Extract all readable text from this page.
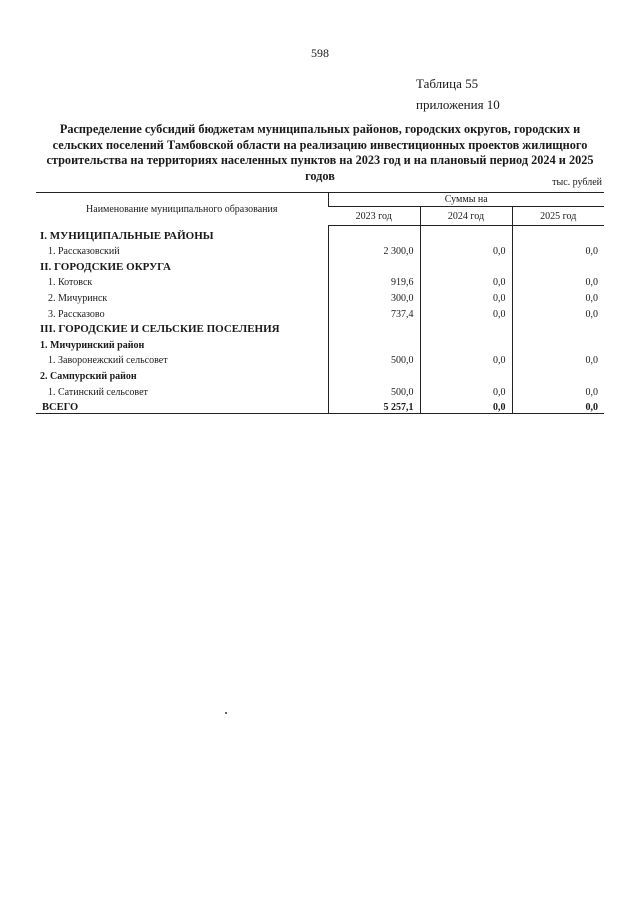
598
Таблица 55
приложения 10
Распределение субсидий бюджетам муниципальных районов, городских округов, городских и сельских поселений Тамбовской области на реализацию инвестиционных проектов жилищного строительства на территориях населенных пунктов на 2023 год и на плановый период 2024 и 2025 годов	тыс. рублей
Наименование муниципального образования	Суммы на		
	2023 год	2024 год	2025 год
I. МУНИЦИПАЛЬНЫЕ РАЙОНЫ			
1. Рассказовский	2 300,0	0,0	0,0
II. ГОРОДСКИЕ ОКРУГА			
1. Котовск	919,6	0,0	0,0
2. Мичуринск	300,0	0,0	0,0
3. Рассказово	737,4	0,0	0,0
III. ГОРОДСКИЕ И СЕЛЬСКИЕ ПОСЕЛЕНИЯ			
1. Мичуринский район			
1. Заворонежский сельсовет	500,0	0,0	0,0
2. Сампурский район			
1. Сатинский сельсовет	500,0	0,0	0,0
ВСЕГО	5 257,1	0,0	0,0
